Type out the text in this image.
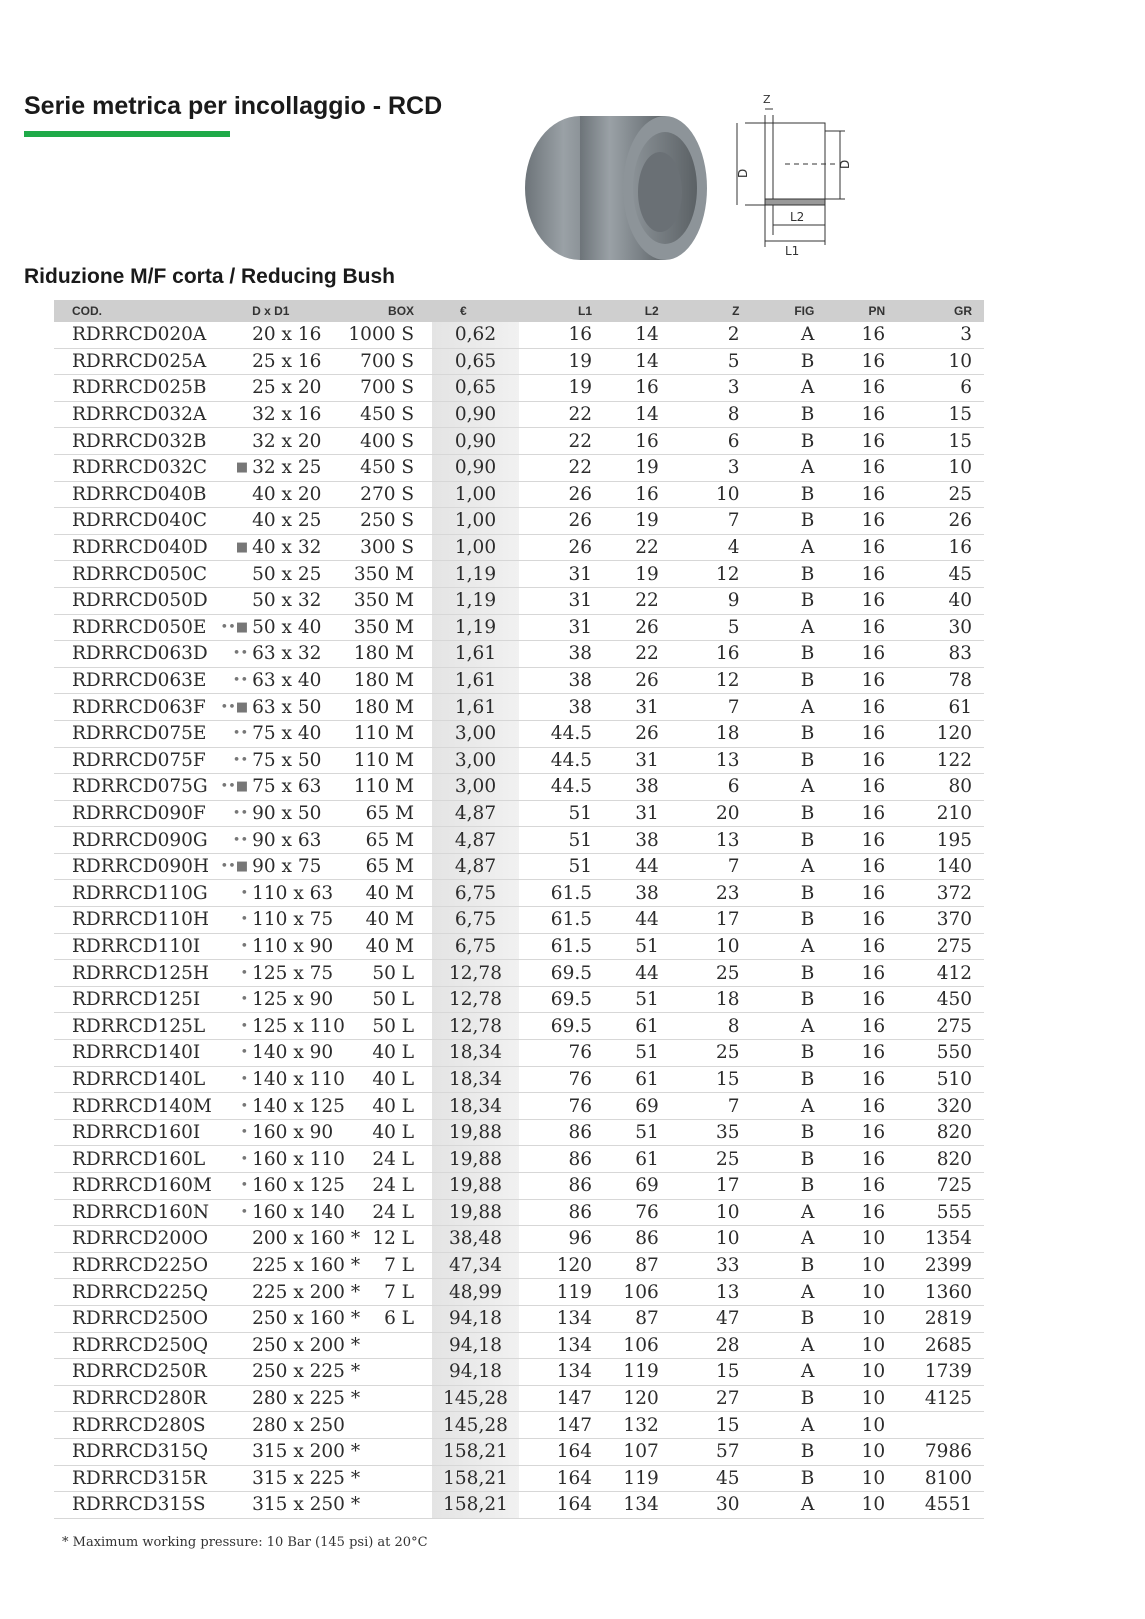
Serie metrica per incollaggio - RCD	Z
D
D
L2
L1
Riduzione M/F corta / Reducing Bush
COD.		D x D1	BOX	€	L1	L2	Z	FIG	PN	GR
RDRRCD020A		20 x 16	1000 S	0,62	16	14	2	A	16	3
RDRRCD025A		25 x 16	700 S	0,65	19	14	5	B	16	10
RDRRCD025B		25 x 20	700 S	0,65	19	16	3	A	16	6
RDRRCD032A		32 x 16	450 S	0,90	22	14	8	B	16	15
RDRRCD032B		32 x 20	400 S	0,90	22	16	6	B	16	15
RDRRCD032C	■	32 x 25	450 S	0,90	22	19	3	A	16	10
RDRRCD040B		40 x 20	270 S	1,00	26	16	10	B	16	25
RDRRCD040C		40 x 25	250 S	1,00	26	19	7	B	16	26
RDRRCD040D	■	40 x 32	300 S	1,00	26	22	4	A	16	16
RDRRCD050C		50 x 25	350 M	1,19	31	19	12	B	16	45
RDRRCD050D		50 x 32	350 M	1,19	31	22	9	B	16	40
RDRRCD050E	••■	50 x 40	350 M	1,19	31	26	5	A	16	30
RDRRCD063D	••	63 x 32	180 M	1,61	38	22	16	B	16	83
RDRRCD063E	••	63 x 40	180 M	1,61	38	26	12	B	16	78
RDRRCD063F	••■	63 x 50	180 M	1,61	38	31	7	A	16	61
RDRRCD075E	••	75 x 40	110 M	3,00	44.5	26	18	B	16	120
RDRRCD075F	••	75 x 50	110 M	3,00	44.5	31	13	B	16	122
RDRRCD075G	••■	75 x 63	110 M	3,00	44.5	38	6	A	16	80
RDRRCD090F	••	90 x 50	65 M	4,87	51	31	20	B	16	210
RDRRCD090G	••	90 x 63	65 M	4,87	51	38	13	B	16	195
RDRRCD090H	••■	90 x 75	65 M	4,87	51	44	7	A	16	140
RDRRCD110G	•	110 x 63	40 M	6,75	61.5	38	23	B	16	372
RDRRCD110H	•	110 x 75	40 M	6,75	61.5	44	17	B	16	370
RDRRCD110I	•	110 x 90	40 M	6,75	61.5	51	10	A	16	275
RDRRCD125H	•	125 x 75	50 L	12,78	69.5	44	25	B	16	412
RDRRCD125I	•	125 x 90	50 L	12,78	69.5	51	18	B	16	450
RDRRCD125L	•	125 x 110	50 L	12,78	69.5	61	8	A	16	275
RDRRCD140I	•	140 x 90	40 L	18,34	76	51	25	B	16	550
RDRRCD140L	•	140 x 110	40 L	18,34	76	61	15	B	16	510
RDRRCD140M	•	140 x 125	40 L	18,34	76	69	7	A	16	320
RDRRCD160I	•	160 x 90	40 L	19,88	86	51	35	B	16	820
RDRRCD160L	•	160 x 110	24 L	19,88	86	61	25	B	16	820
RDRRCD160M	•	160 x 125	24 L	19,88	86	69	17	B	16	725
RDRRCD160N	•	160 x 140	24 L	19,88	86	76	10	A	16	555
RDRRCD200O		200 x 160 *	12 L	38,48	96	86	10	A	10	1354
RDRRCD225O		225 x 160 *	7 L	47,34	120	87	33	B	10	2399
RDRRCD225Q		225 x 200 *	7 L	48,99	119	106	13	A	10	1360
RDRRCD250O		250 x 160 *	6 L	94,18	134	87	47	B	10	2819
RDRRCD250Q		250 x 200 *		94,18	134	106	28	A	10	2685
RDRRCD250R		250 x 225 *		94,18	134	119	15	A	10	1739
RDRRCD280R		280 x 225 *		145,28	147	120	27	B	10	4125
RDRRCD280S		280 x 250		145,28	147	132	15	A	10	
RDRRCD315Q		315 x 200 *		158,21	164	107	57	B	10	7986
RDRRCD315R		315 x 225 *		158,21	164	119	45	B	10	8100
RDRRCD315S		315 x 250 *		158,21	164	134	30	A	10	4551
* Maximum working pressure: 10 Bar (145 psi) at 20°C
